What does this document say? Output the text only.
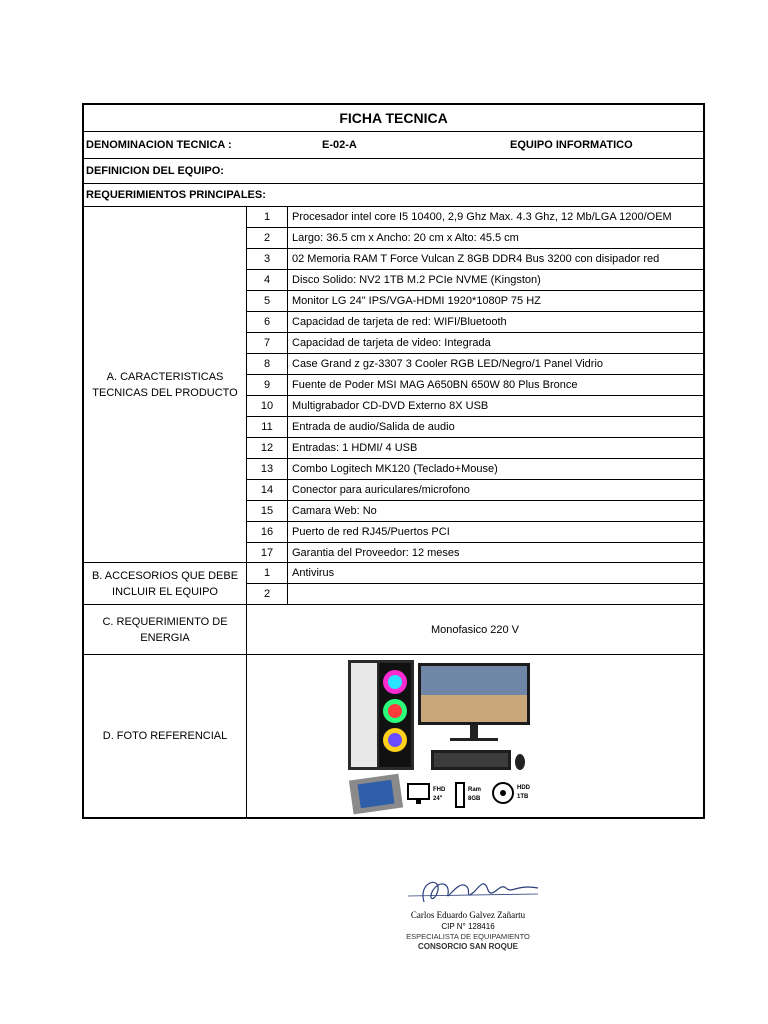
FICHA TECNICA
DENOMINACION TECNICA :	E-02-A	EQUIPO INFORMATICO
DEFINICION DEL EQUIPO:
REQUERIMIENTOS PRINCIPALES:
A. CARACTERISTICAS TECNICAS DEL PRODUCTO
1	Procesador intel core I5 10400, 2,9 Ghz Max. 4.3 Ghz, 12 Mb/LGA 1200/OEM
2	Largo: 36.5 cm x Ancho: 20 cm x Alto: 45.5 cm
3	02 Memoria RAM T Force Vulcan Z 8GB DDR4 Bus 3200 con disipador red
4	Disco Solido: NV2 1TB M.2 PCIe NVME (Kingston)
5	Monitor LG 24" IPS/VGA-HDMI 1920*1080P 75 HZ
6	Capacidad de tarjeta de red: WIFI/Bluetooth
7	Capacidad de tarjeta de video: Integrada
8	Case Grand z gz-3307 3 Cooler RGB LED/Negro/1 Panel Vidrio
9	Fuente de Poder MSI MAG A650BN 650W 80 Plus Bronce
10	Multigrabador CD-DVD Externo 8X USB
11	Entrada de audio/Salida de audio
12	Entradas: 1 HDMI/ 4 USB
13	Combo Logitech MK120 (Teclado+Mouse)
14	Conector para auriculares/microfono
15	Camara Web: No
16	Puerto de red RJ45/Puertos PCI
17	Garantia del Proveedor: 12 meses
B. ACCESORIOS QUE DEBE INCLUIR EL EQUIPO
1	Antivirus
2
C. REQUERIMIENTO DE ENERGIA
Monofasico 220 V
D. FOTO REFERENCIAL
FHD
24"
Ram
8GB
HDD
1TB
Carlos Eduardo Galvez Zañartu
CIP N° 128416
ESPECIALISTA DE EQUIPAMIENTO
CONSORCIO SAN ROQUE
